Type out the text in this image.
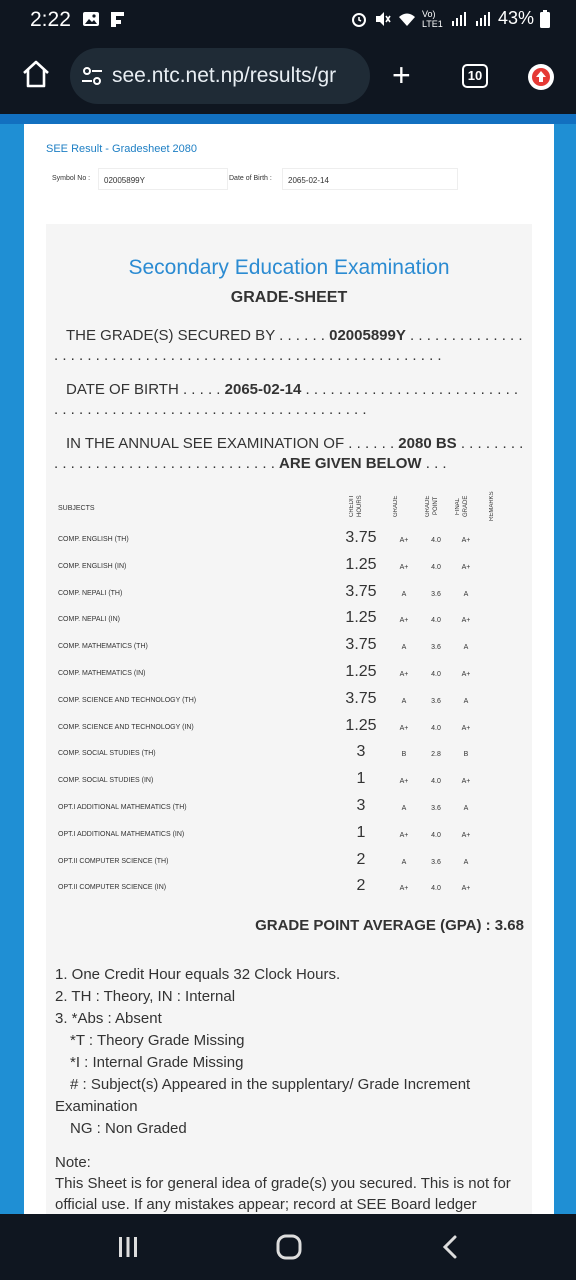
2:22	Vo) LTE1	43%
see.ntc.net.np/results/gr	+	10
SEE Result - Gradesheet 2080
Symbol No :	02005899Y	Date of Birth :	2065-02-14
Secondary Education Examination
GRADE-SHEET
THE GRADE(S) SECURED BY . . . . . . 02005899Y . . . . . . . . . . . . . . . . . . . . . . . . . . . . . . . . . . . . . . . . . . . . . . . . . . . . . . . . . . . . .
DATE OF BIRTH . . . . . 2065-02-14 . . . . . . . . . . . . . . . . . . . . . . . . . . . . . . . . . . . . . . . . . . . . . . . . . . . . . . . . . . . . . . . .
IN THE ANNUAL SEE EXAMINATION OF . . . . . . 2080 BS . . . . . . . . . . . . . . . . . . . . . . . . . . . . . . . . . . . ARE GIVEN BELOW . . .
SUBJECTS	CREDIT HOURS	GRADE	GRADE POINT	FINAL GRADE	REMARKS
COMP. ENGLISH (TH)	3.75	A+	4.0	A+
COMP. ENGLISH (IN)	1.25	A+	4.0	A+
COMP. NEPALI (TH)	3.75	A	3.6	A
COMP. NEPALI (IN)	1.25	A+	4.0	A+
COMP. MATHEMATICS (TH)	3.75	A	3.6	A
COMP. MATHEMATICS (IN)	1.25	A+	4.0	A+
COMP. SCIENCE AND TECHNOLOGY (TH)	3.75	A	3.6	A
COMP. SCIENCE AND TECHNOLOGY (IN)	1.25	A+	4.0	A+
COMP. SOCIAL STUDIES (TH)	3	B	2.8	B
COMP. SOCIAL STUDIES (IN)	1	A+	4.0	A+
OPT.I ADDITIONAL MATHEMATICS (TH)	3	A	3.6	A
OPT.I ADDITIONAL MATHEMATICS (IN)	1	A+	4.0	A+
OPT.II COMPUTER SCIENCE (TH)	2	A	3.6	A
OPT.II COMPUTER SCIENCE (IN)	2	A+	4.0	A+
GRADE POINT AVERAGE (GPA) : 3.68
1. One Credit Hour equals 32 Clock Hours.
2. TH : Theory, IN : Internal
3. *Abs : Absent
*T : Theory Grade Missing
*I : Internal Grade Missing
# : Subject(s) Appeared in the supplentary/ Grade Increment
Examination
NG : Non Graded
Note:
This Sheet is for general idea of grade(s) you secured. This is not for official use. If any mistakes appear; record at SEE Board ledger
